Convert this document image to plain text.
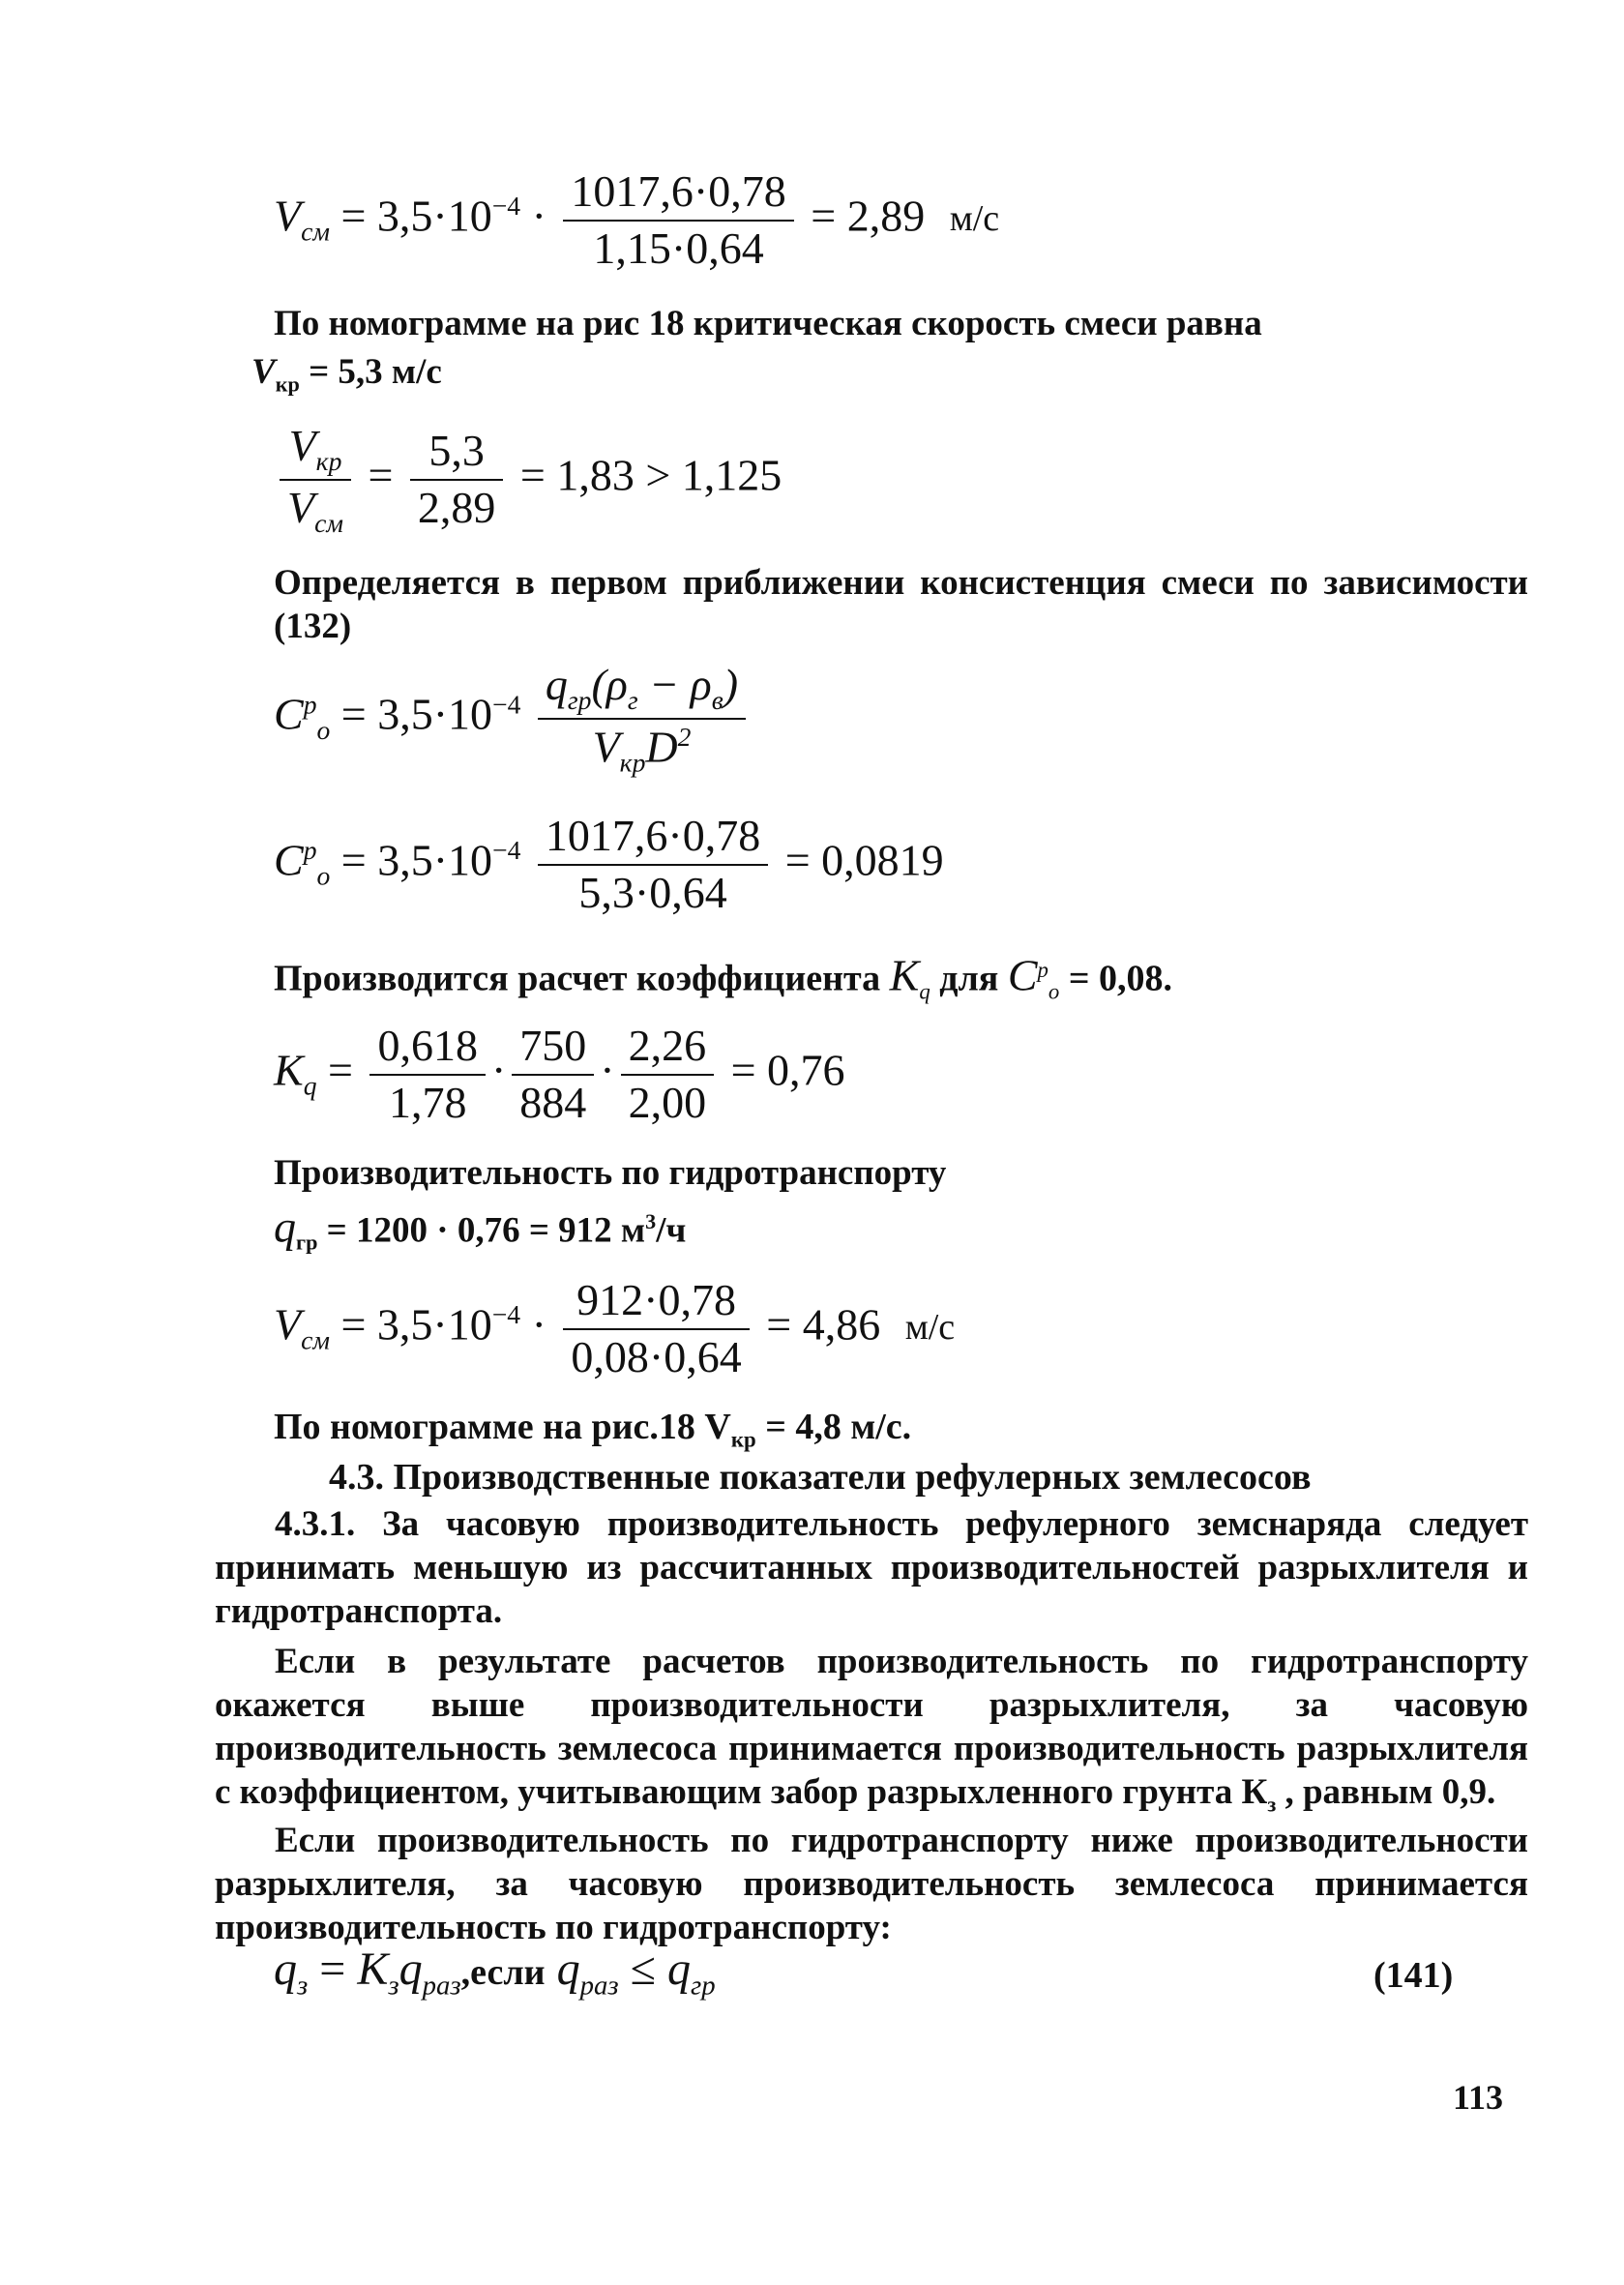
$V_{см} = 3,5\cdot 10^{-4} \cdot \frac{1017,6\cdot 0,78}{1,15\cdot 0,64} = 2,89$ м/с
По номограмме на рис 18 критическая скорость смеси равна
$V_{кр} = 5,3$ м/с
$\frac{V_{кр}}{V_{см}} = \frac{5,3}{2,89} = 1,83 > 1,125$
Определяется в первом приближении консистенция смеси по зависимости (132)
$C^р_о = 3,5\cdot 10^{-4} \frac{q_{гр}(\rho_г - \rho_в)}{V_{кр}D^2}$
$C^р_о = 3,5\cdot 10^{-4} \frac{1017,6\cdot 0,78}{5,3\cdot 0,64} = 0,0819$
Производится расчет коэффициента $K_q$ для $C^р_о = 0,08$.
$K_q = \frac{0,618}{1,78} \cdot \frac{750}{884} \cdot \frac{2,26}{2,00} = 0,76$
Производительность по гидротранспорту
$q_{гр} = 1200 \cdot 0,76 = 912$ $м^3/ч$
$V_{см} = 3,5\cdot 10^{-4} \cdot \frac{912\cdot 0,78}{0,08\cdot 0,64} = 4,86$ м/с
По номограмме на рис.18 $V_{кр} = 4,8$ м/с.
4.3. Производственные показатели рефулерных землесосов
4.3.1. За часовую производительность рефулерного земснаряда следует принимать меньшую из рассчитанных производительностей разрыхлителя и гидротранспорта.
Если в результате расчетов производительность по гидротранспорту окажется выше производительности разрыхлителя, за часовую производительность землесоса принимается производительность разрыхлителя с коэффициентом, учитывающим забор разрыхленного грунта $К_з$ , равным 0,9.
Если производительность по гидротранспорту ниже производительности разрыхлителя, за часовую производительность землесоса принимается производительность по гидротранспорту:
$q_з$ = $K_зq_{раз},если$ $q_{раз} \le q_{гр}$	(141)
113
